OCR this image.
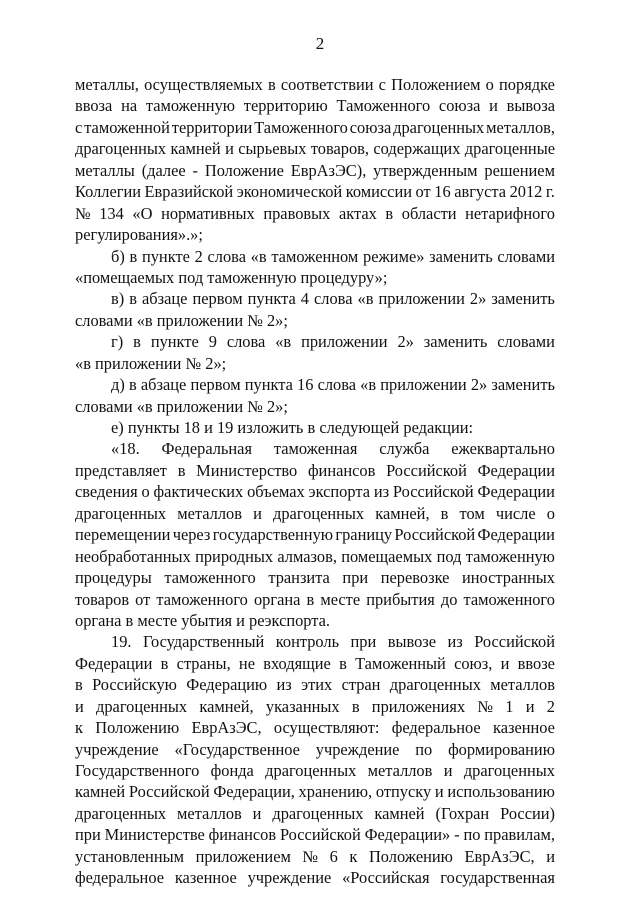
2
металлы, осуществляемых в соответствии с Положением о порядке
ввоза на таможенную территорию Таможенного союза и вывоза
с таможенной территории Таможенного союза драгоценных металлов,
драгоценных камней и сырьевых товаров, содержащих драгоценные
металлы (далее - Положение ЕврАзЭС), утвержденным решением
Коллегии Евразийской экономической комиссии от 16 августа 2012 г.
№ 134 «О нормативных правовых актах в области нетарифного
регулирования».»;
б) в пункте 2 слова «в таможенном режиме» заменить словами
«помещаемых под таможенную процедуру»;
в) в абзаце первом пункта 4 слова «в приложении 2» заменить
словами «в приложении № 2»;
г) в пункте 9 слова «в приложении 2» заменить словами
«в приложении № 2»;
д) в абзаце первом пункта 16 слова «в приложении 2» заменить
словами «в приложении № 2»;
е) пункты 18 и 19 изложить в следующей редакции:
«18. Федеральная таможенная служба ежеквартально
представляет в Министерство финансов Российской Федерации
сведения о фактических объемах экспорта из Российской Федерации
драгоценных металлов и драгоценных камней, в том числе о
перемещении через государственную границу Российской Федерации
необработанных природных алмазов, помещаемых под таможенную
процедуры таможенного транзита при перевозке иностранных
товаров от таможенного органа в месте прибытия до таможенного
органа в месте убытия и реэкспорта.
19. Государственный контроль при вывозе из Российской
Федерации в страны, не входящие в Таможенный союз, и ввозе
в Российскую Федерацию из этих стран драгоценных металлов
и драгоценных камней, указанных в приложениях № 1 и 2
к Положению ЕврАзЭС, осуществляют: федеральное казенное
учреждение «Государственное учреждение по формированию
Государственного фонда драгоценных металлов и драгоценных
камней Российской Федерации, хранению, отпуску и использованию
драгоценных металлов и драгоценных камней (Гохран России)
при Министерстве финансов Российской Федерации» - по правилам,
установленным приложением № 6 к Положению ЕврАзЭС, и
федеральное казенное учреждение «Российская государственная
